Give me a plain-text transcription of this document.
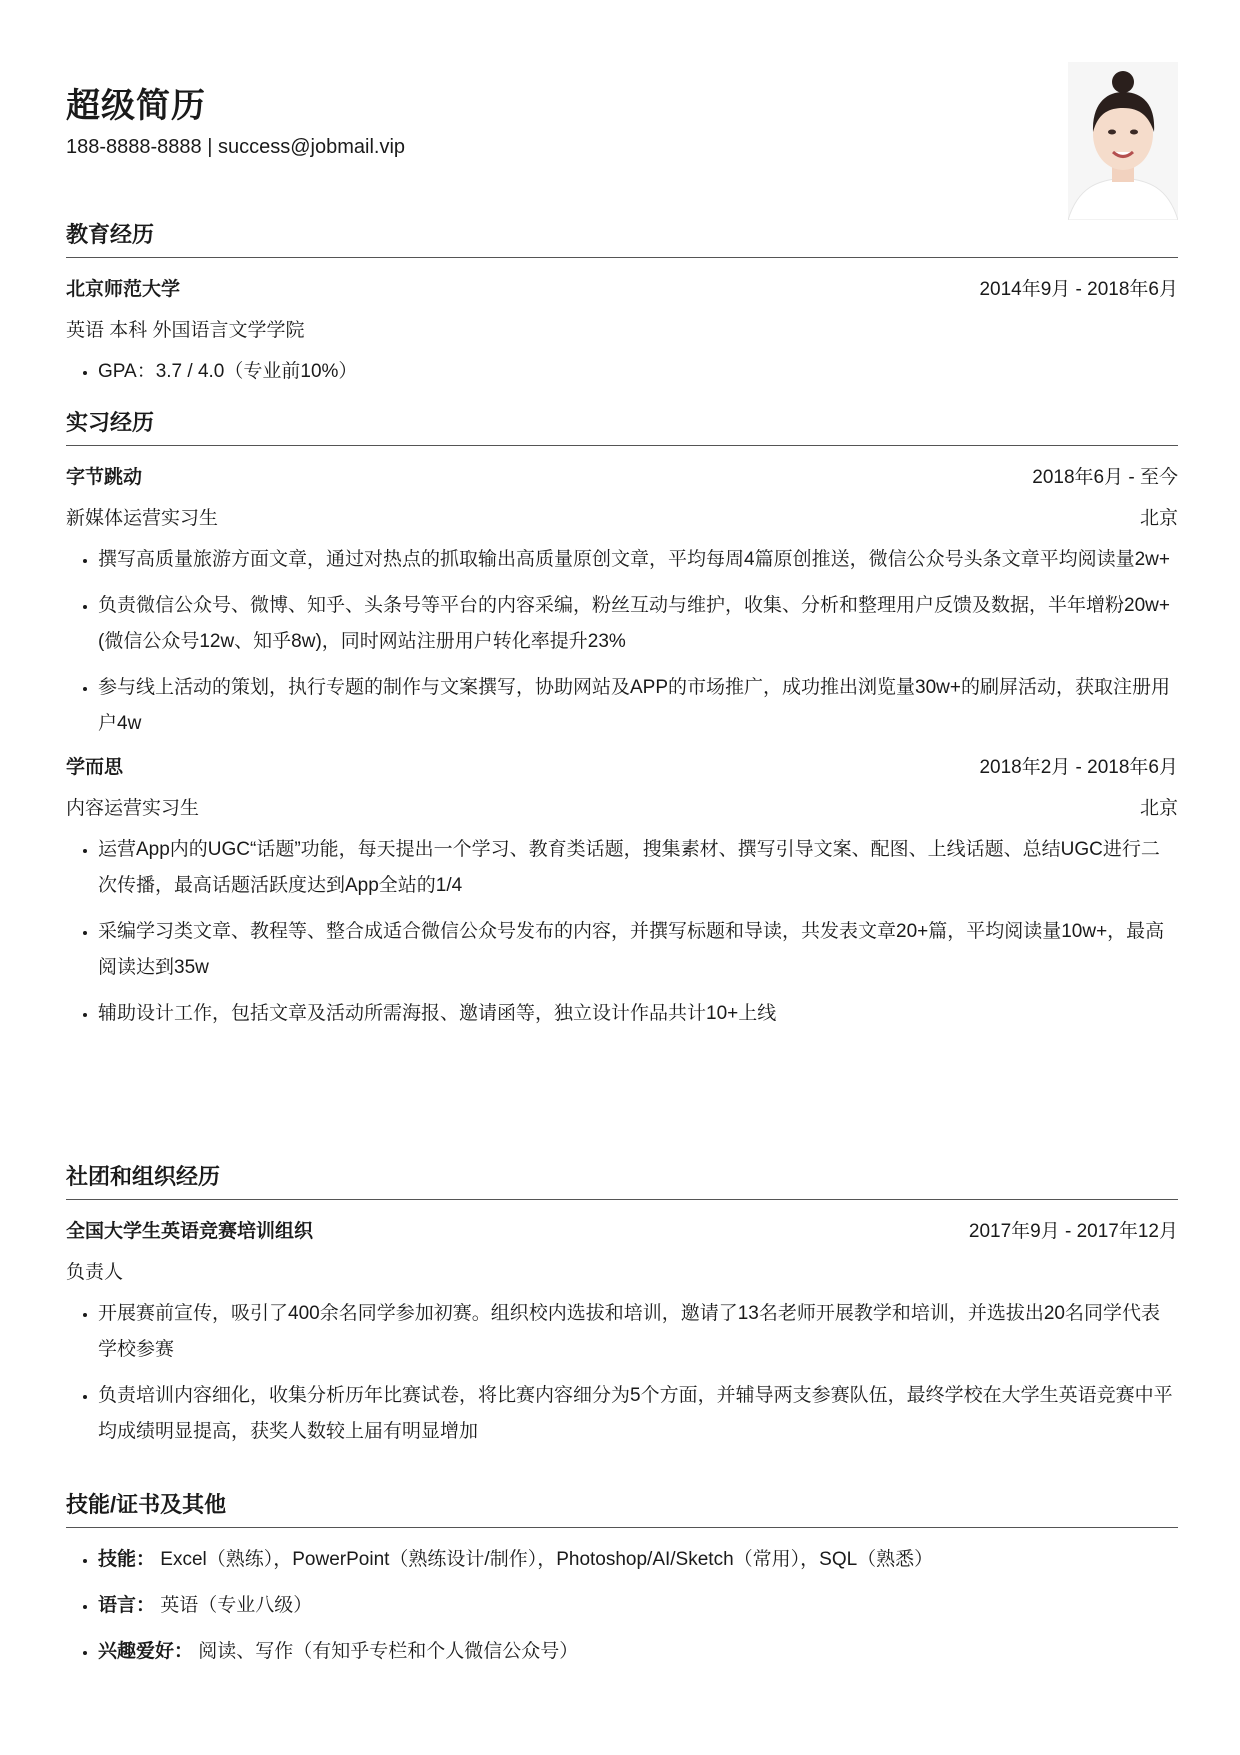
超级简历
188-8888-8888 | success@jobmail.vip
教育经历
北京师范大学	2014年9月 - 2018年6月
英语 本科 外国语言文学学院
• GPA：3.7 / 4.0（专业前10%）
实习经历
字节跳动	2018年6月 - 至今
新媒体运营实习生	北京
• 撰写高质量旅游方面文章，通过对热点的抓取输出高质量原创文章，平均每周4篇原创推送，微信公众号头条文章平均阅读量2w+
• 负责微信公众号、微博、知乎、头条号等平台的内容采编，粉丝互动与维护，收集、分析和整理用户反馈及数据，半年增粉20w+ (微信公众号12w、知乎8w)，同时网站注册用户转化率提升23%
• 参与线上活动的策划，执行专题的制作与文案撰写，协助网站及APP的市场推广，成功推出浏览量30w+的刷屏活动，获取注册用户4w
学而思	2018年2月 - 2018年6月
内容运营实习生	北京
• 运营App内的UGC“话题”功能，每天提出一个学习、教育类话题，搜集素材、撰写引导文案、配图、上线话题、总结UGC进行二次传播，最高话题活跃度达到App全站的1/4
• 采编学习类文章、教程等、整合成适合微信公众号发布的内容，并撰写标题和导读，共发表文章20+篇，平均阅读量10w+，最高阅读达到35w
• 辅助设计工作，包括文章及活动所需海报、邀请函等，独立设计作品共计10+上线
社团和组织经历
全国大学生英语竞赛培训组织	2017年9月 - 2017年12月
负责人
• 开展赛前宣传，吸引了400余名同学参加初赛。组织校内选拔和培训，邀请了13名老师开展教学和培训，并选拔出20名同学代表学校参赛
• 负责培训内容细化，收集分析历年比赛试卷，将比赛内容细分为5个方面，并辅导两支参赛队伍，最终学校在大学生英语竞赛中平均成绩明显提高，获奖人数较上届有明显增加
技能/证书及其他
• 技能： Excel（熟练），PowerPoint（熟练设计/制作），Photoshop/AI/Sketch（常用），SQL（熟悉）
• 语言： 英语（专业八级）
• 兴趣爱好： 阅读、写作（有知乎专栏和个人微信公众号）
